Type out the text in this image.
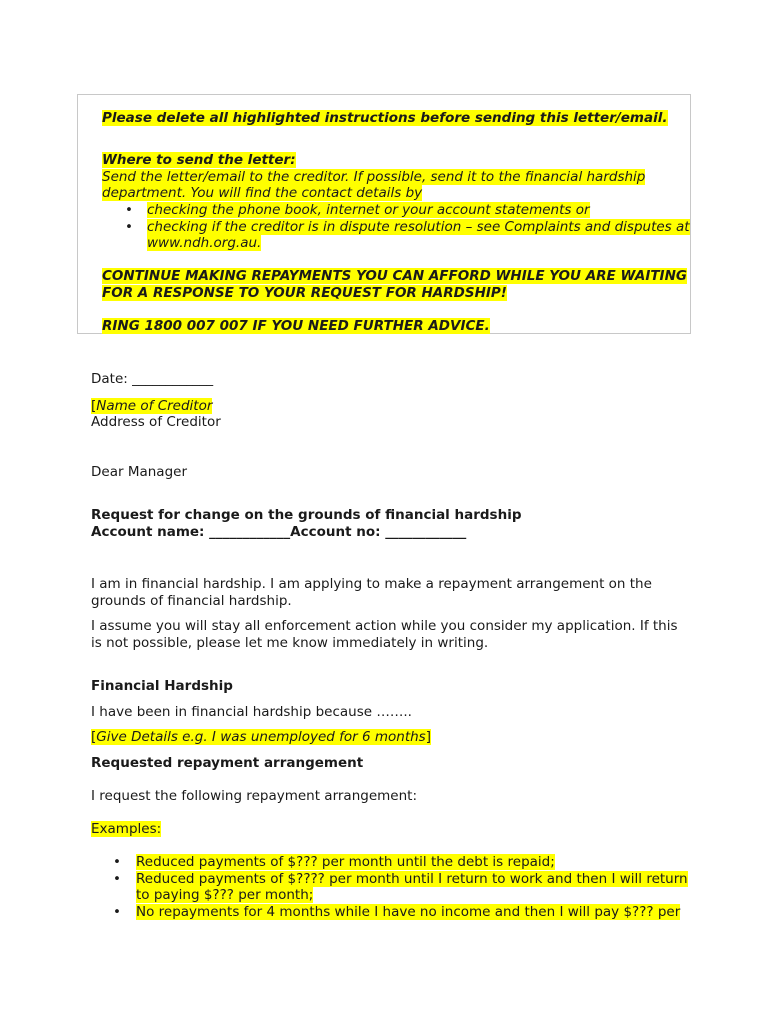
Please delete all highlighted instructions before sending this letter/email.

Where to send the letter:

Send the letter/email to the creditor. If possible, send it to the financial hardship

department. You will find the contact details by

• checking the phone book, internet or your account statements or
• checking if the creditor is in dispute resolution – see Complaints and disputes at
www.ndh.org.au.

CONTINUE MAKING REPAYMENTS YOU CAN AFFORD WHILE YOU ARE WAITING

FOR A RESPONSE TO YOUR REQUEST FOR HARDSHIP!

RING 1800 007 007 IF YOU NEED FURTHER ADVICE.

Date: ____________

[Name of Creditor

Address of Creditor

Dear Manager

Request for change on the grounds of financial hardship

Account name: ____________Account no: ____________

I am in financial hardship. I am applying to make a repayment arrangement on the

grounds of financial hardship.

I assume you will stay all enforcement action while you consider my application. If this

is not possible, please let me know immediately in writing.

Financial Hardship

I have been in financial hardship because ……..

[Give Details e.g. I was unemployed for 6 months]

Requested repayment arrangement

I request the following repayment arrangement:

Examples:

• Reduced payments of $??? per month until the debt is repaid;
• Reduced payments of $???? per month until I return to work and then I will return
to paying $??? per month;
• No repayments for 4 months while I have no income and then I will pay $??? per
